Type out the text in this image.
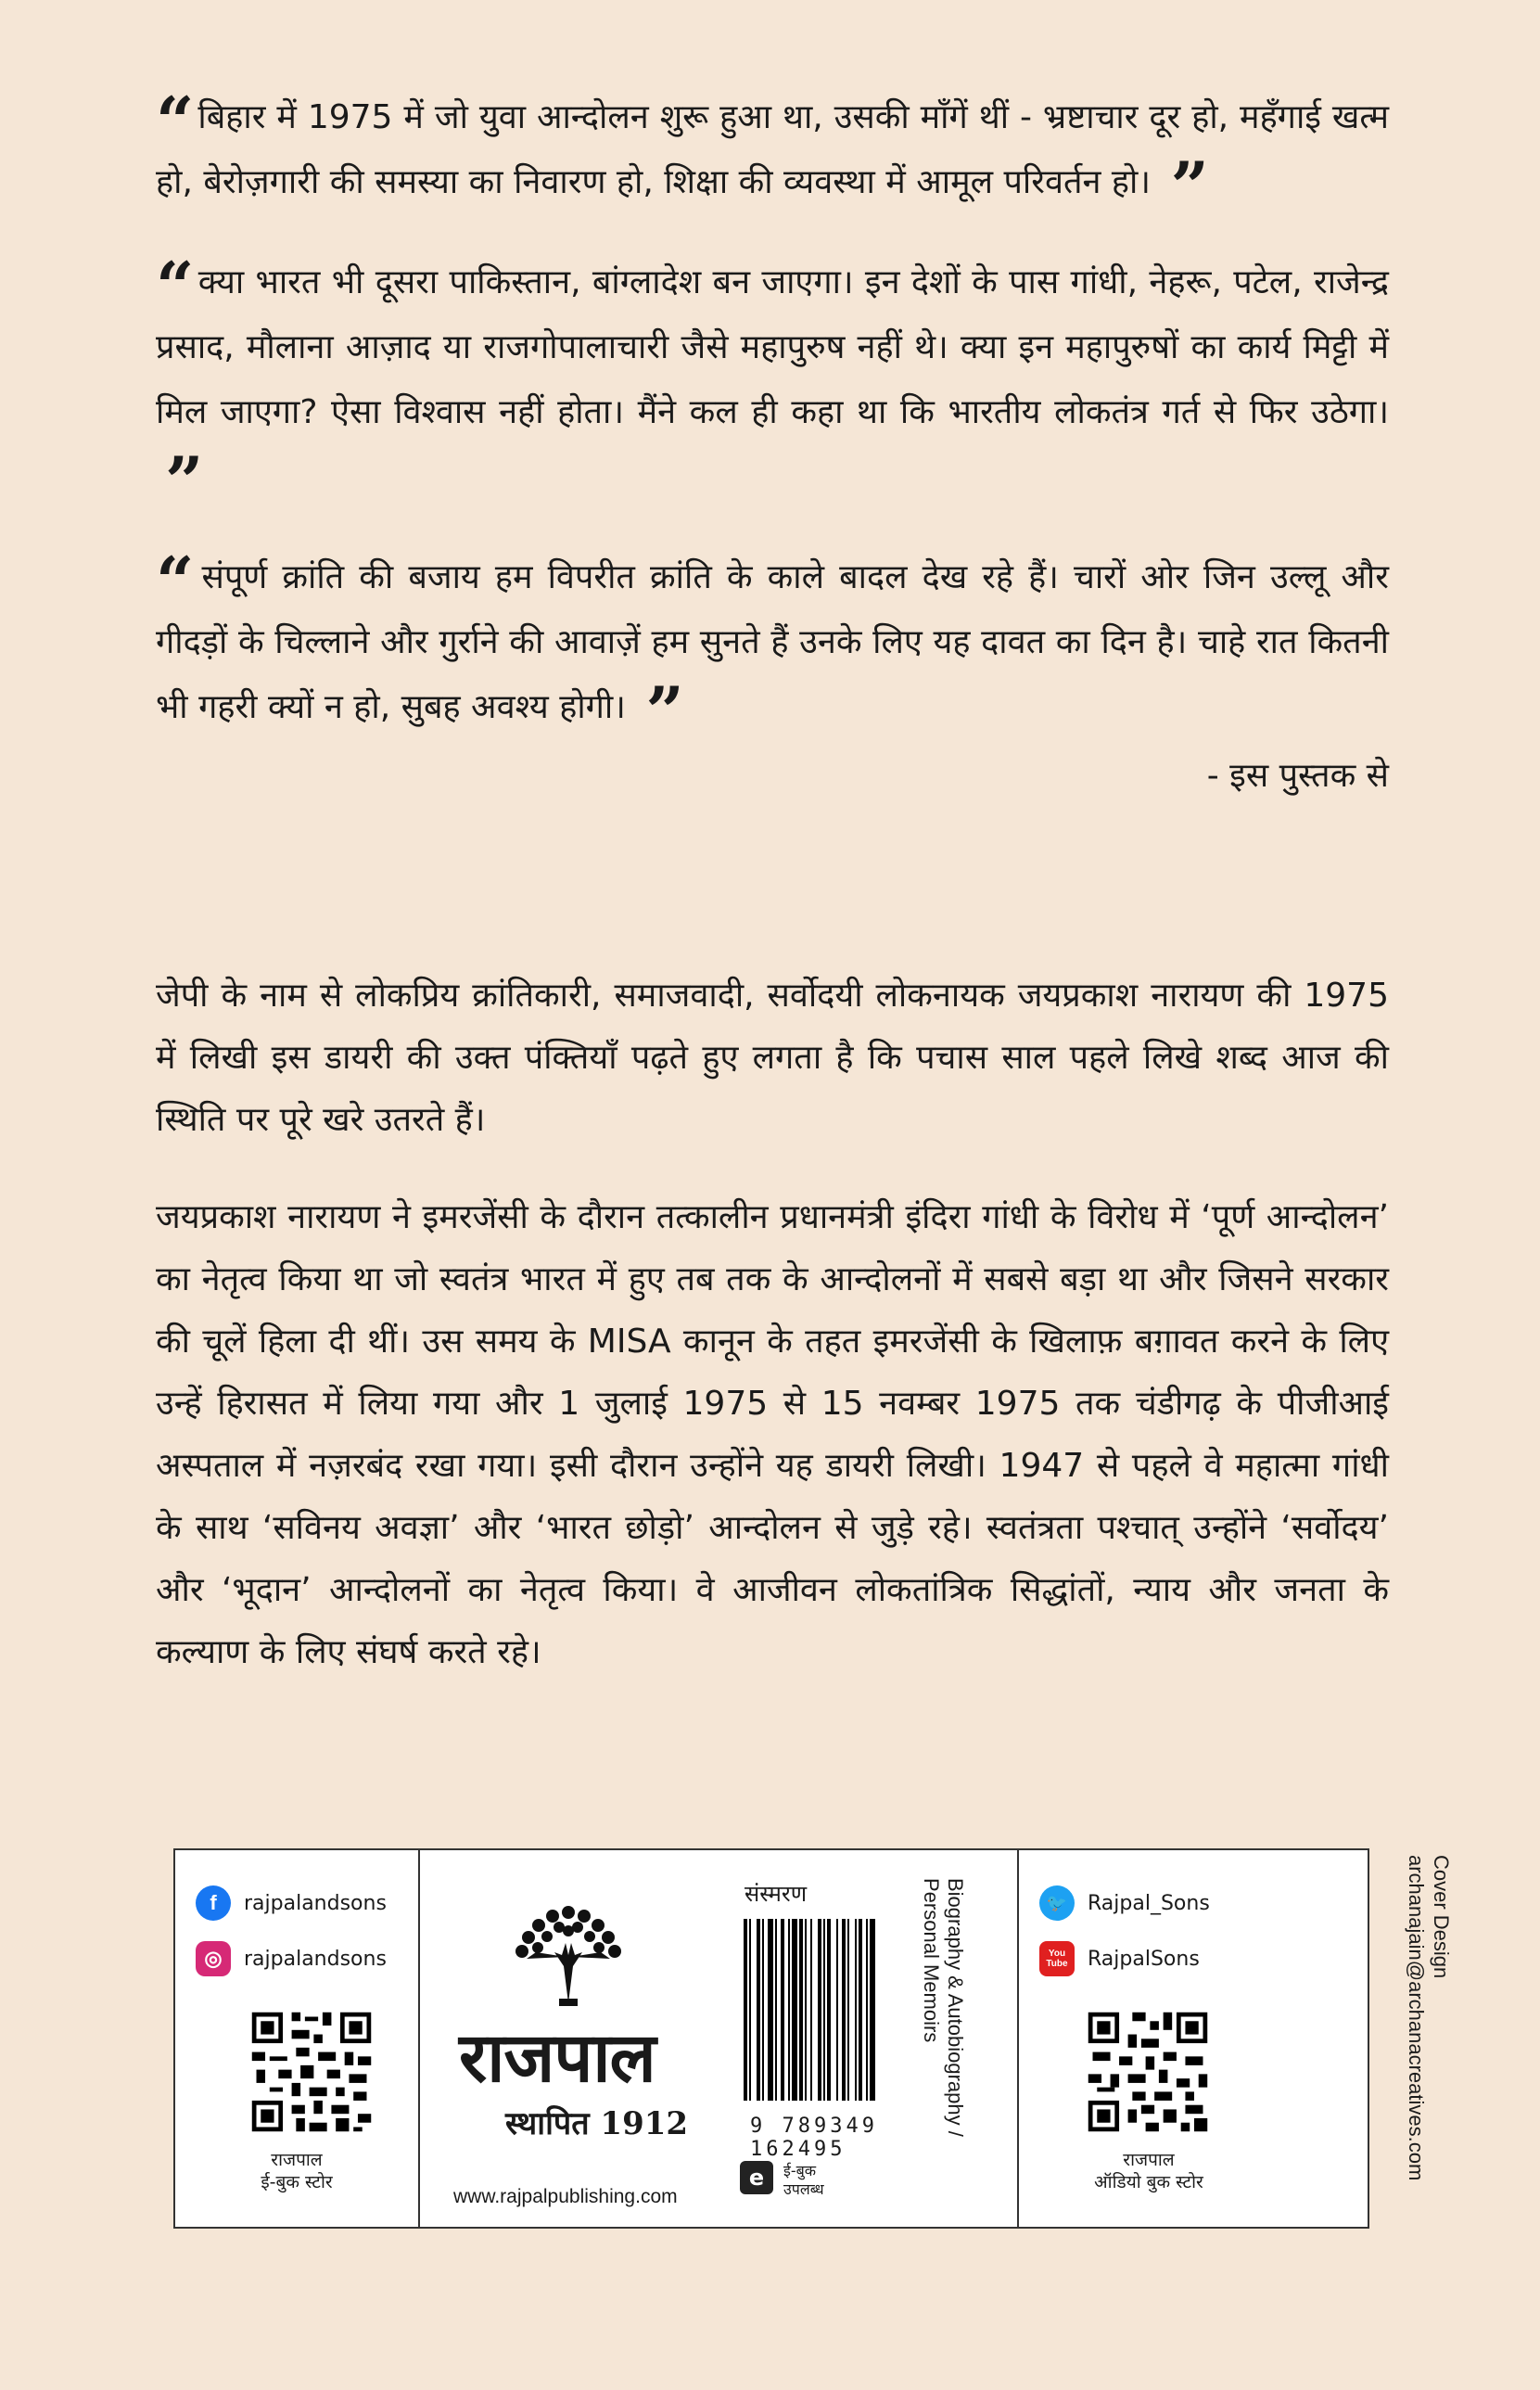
“ बिहार में 1975 में जो युवा आन्दोलन शुरू हुआ था, उसकी माँगें थीं - भ्रष्टाचार दूर हो, महँगाई खत्म हो, बेरोज़गारी की समस्या का निवारण हो, शिक्षा की व्यवस्था में आमूल परिवर्तन हो। ”

“ क्या भारत भी दूसरा पाकिस्तान, बांग्लादेश बन जाएगा। इन देशों के पास गांधी, नेहरू, पटेल, राजेन्द्र प्रसाद, मौलाना आज़ाद या राजगोपालाचारी जैसे महापुरुष नहीं थे। क्या इन महापुरुषों का कार्य मिट्टी में मिल जाएगा? ऐसा विश्वास नहीं होता। मैंने कल ही कहा था कि भारतीय लोकतंत्र गर्त से फिर उठेगा। ”

“ संपूर्ण क्रांति की बजाय हम विपरीत क्रांति के काले बादल देख रहे हैं। चारों ओर जिन उल्लू और गीदड़ों के चिल्लाने और गुर्राने की आवाज़ें हम सुनते हैं उनके लिए यह दावत का दिन है। चाहे रात कितनी भी गहरी क्यों न हो, सुबह अवश्य होगी। ”

- इस पुस्तक से

जेपी के नाम से लोकप्रिय क्रांतिकारी, समाजवादी, सर्वोदयी लोकनायक जयप्रकाश नारायण की 1975 में लिखी इस डायरी की उक्त पंक्तियाँ पढ़ते हुए लगता है कि पचास साल पहले लिखे शब्द आज की स्थिति पर पूरे खरे उतरते हैं।

जयप्रकाश नारायण ने इमरजेंसी के दौरान तत्कालीन प्रधानमंत्री इंदिरा गांधी के विरोध में ‘पूर्ण आन्दोलन’ का नेतृत्व किया था जो स्वतंत्र भारत में हुए तब तक के आन्दोलनों में सबसे बड़ा था और जिसने सरकार की चूलें हिला दी थीं। उस समय के MISA कानून के तहत इमरजेंसी के खिलाफ़ बग़ावत करने के लिए उन्हें हिरासत में लिया गया और 1 जुलाई 1975 से 15 नवम्बर 1975 तक चंडीगढ़ के पीजीआई अस्पताल में नज़रबंद रखा गया। इसी दौरान उन्होंने यह डायरी लिखी। 1947 से पहले वे महात्मा गांधी के साथ ‘सविनय अवज्ञा’ और ‘भारत छोड़ो’ आन्दोलन से जुड़े रहे। स्वतंत्रता पश्चात् उन्होंने ‘सर्वोदय’ और ‘भूदान’ आन्दोलनों का नेतृत्व किया। वे आजीवन लोकतांत्रिक सिद्धांतों, न्याय और जनता के कल्याण के लिए संघर्ष करते रहे।

f	rajpalandsons
◎	rajpalandsons
राजपाल
ई-बुक स्टोर
राजपाल
स्थापित 1912
www.rajpalpublishing.com
संस्मरण
9 789349 162495
e	ई-बुक
उपलब्ध
Biography & Autobiography /
Personal Memoirs	🐦 Rajpal_Sons
You Tube RajpalSons
राजपाल
ऑडियो बुक स्टोर
Cover Design
archanajain@archanacreatives.com
